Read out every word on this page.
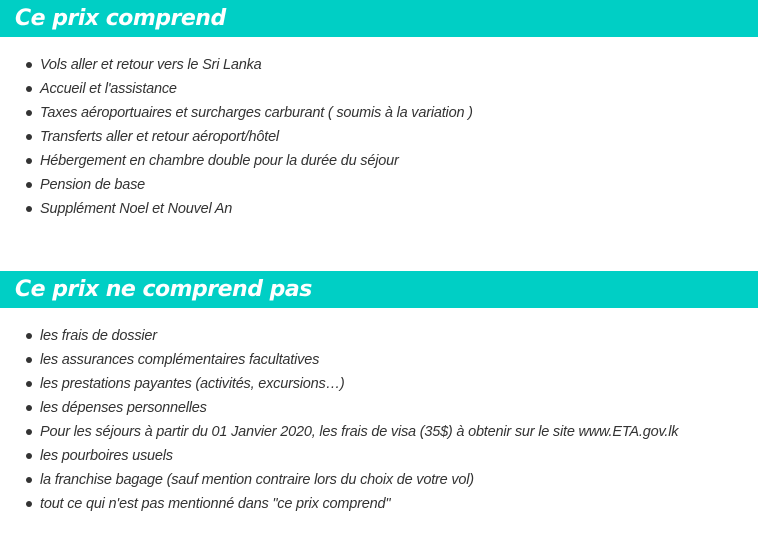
Ce prix comprend
Vols aller et retour vers le Sri Lanka
Accueil et l'assistance
Taxes aéroportuaires et surcharges carburant ( soumis à la variation )
Transferts aller et retour aéroport/hôtel
Hébergement en chambre double pour la durée du séjour
Pension de base
Supplément Noel et Nouvel An
Ce prix ne comprend pas
les frais de dossier
les assurances complémentaires facultatives
les prestations payantes (activités, excursions…)
les dépenses personnelles
Pour les séjours à partir du 01 Janvier 2020, les frais de visa (35$) à obtenir sur le site www.ETA.gov.lk
les pourboires usuels
la franchise bagage (sauf mention contraire lors du choix de votre vol)
tout ce qui n'est pas mentionné dans "ce prix comprend"
